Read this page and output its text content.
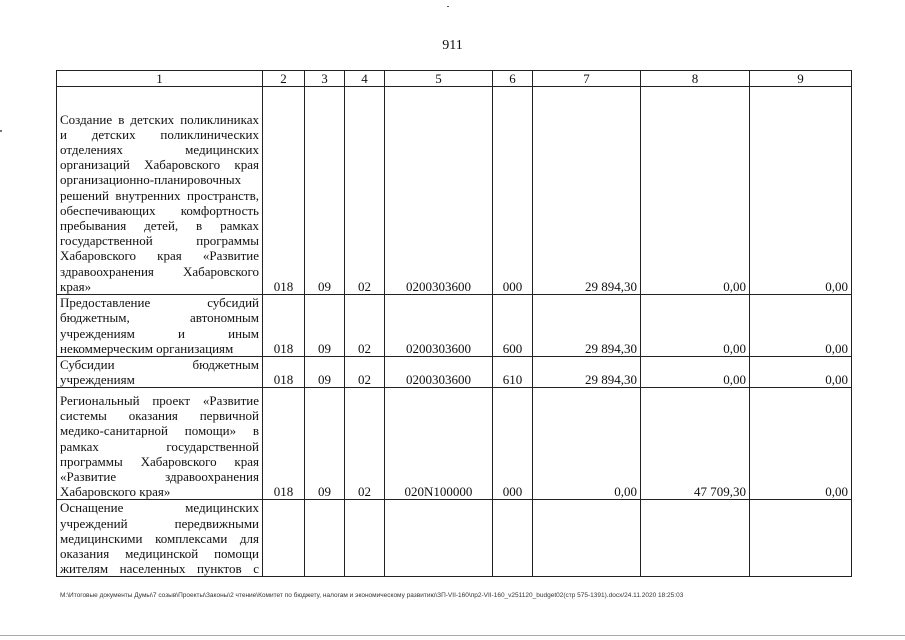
911
1	2	3	4	5	6	7	8	9
Создание в детских поликлиниках и детских поликлинических отделениях медицинских организаций Хабаровского края организационно-планировочных решений внутренних пространств, обеспечивающих комфортность пребывания детей, в рамках государственной программы Хабаровского края «Развитие здравоохранения Хабаровского края»	018	09	02	0200303600	000	29 894,30	0,00	0,00
Предоставление субсидий бюджетным, автономным учреждениям и иным некоммерческим организациям	018	09	02	0200303600	600	29 894,30	0,00	0,00
Субсидии бюджетным учреждениям	018	09	02	0200303600	610	29 894,30	0,00	0,00
Региональный проект «Развитие системы оказания первичной медико-санитарной помощи» в рамках государственной программы Хабаровского края «Развитие здравоохранения Хабаровского края»	018	09	02	020N100000	000	0,00	47 709,30	0,00
Оснащение медицинских учреждений передвижными медицинскими комплексами для оказания медицинской помощи жителям населенных пунктов с								
M:\Итоговые документы Думы\7 созыв\Проекты\Законы\2 чтение\Комитет по бюджету, налогам и экономическому развитию\ЗП-VII-160\пр2-VII-160_v251120_budget02(стр 575-1391).docx/24.11.2020 18:25:03
